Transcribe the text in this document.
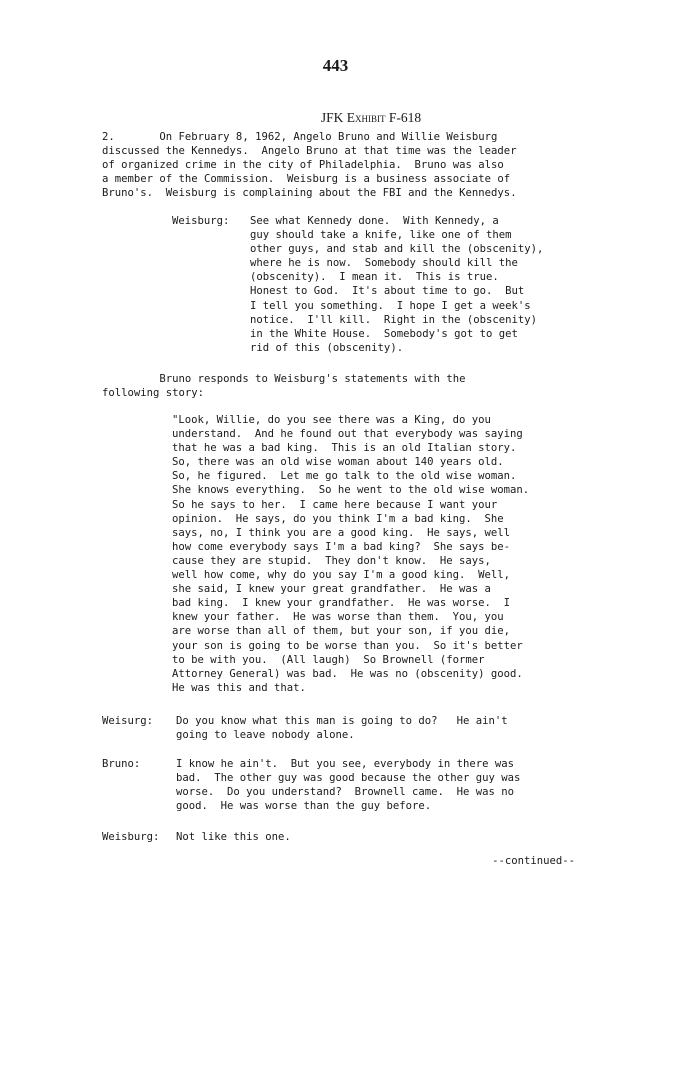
443
JFK Exhibit F-618
2.       On February 8, 1962, Angelo Bruno and Willie Weisburg
discussed the Kennedys.  Angelo Bruno at that time was the leader
of organized crime in the city of Philadelphia.  Bruno was also
a member of the Commission.  Weisburg is a business associate of
Bruno's.  Weisburg is complaining about the FBI and the Kennedys.
Weisburg: See what Kennedy done.  With Kennedy, a
guy should take a knife, like one of them
other guys, and stab and kill the (obscenity),
where he is now.  Somebody should kill the
(obscenity).  I mean it.  This is true.
Honest to God.  It's about time to go.  But
I tell you something.  I hope I get a week's
notice.  I'll kill.  Right in the (obscenity)
in the White House.  Somebody's got to get
rid of this (obscenity).
Bruno responds to Weisburg's statements with the
following story:
"Look, Willie, do you see there was a King, do you
understand.  And he found out that everybody was saying
that he was a bad king.  This is an old Italian story.
So, there was an old wise woman about 140 years old.
So, he figured.  Let me go talk to the old wise woman.
She knows everything.  So he went to the old wise woman.
So he says to her.  I came here because I want your
opinion.  He says, do you think I'm a bad king.  She
says, no, I think you are a good king.  He says, well
how come everybody says I'm a bad king?  She says be-
cause they are stupid.  They don't know.  He says,
well how come, why do you say I'm a good king.  Well,
she said, I knew your great grandfather.  He was a
bad king.  I knew your grandfather.  He was worse.  I
knew your father.  He was worse than them.  You, you
are worse than all of them, but your son, if you die,
your son is going to be worse than you.  So it's better
to be with you.  (All laugh)  So Brownell (former
Attorney General) was bad.  He was no (obscenity) good.
He was this and that.
Weisurg: Do you know what this man is going to do?   He ain't
going to leave nobody alone.
Bruno:	I know he ain't.  But you see, everybody in there was
bad.  The other guy was good because the other guy was
worse.  Do you understand?  Brownell came.  He was no
good.  He was worse than the guy before.
Weisburg: Not like this one.
--continued--
